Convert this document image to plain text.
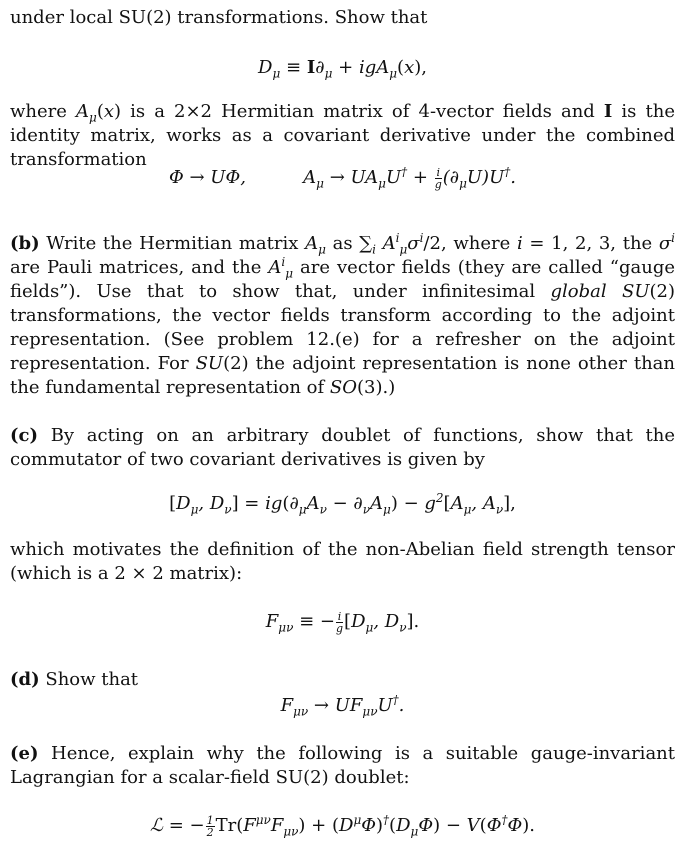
under local SU(2) transformations. Show that
$D_\mu \equiv I\partial_\mu + igA_\mu(x)$,

where $A_\mu(x)$ is a 2×2 Hermitian matrix of 4-vector fields and I is the identity matrix, works as a covariant derivative under the combined transformation

Φ → UΦ,          $A_\mu \to UA_\mu U^\dagger + \frac{i}{g} (\partial_\mu U)U^\dagger$.

(b) Write the Hermitian matrix $A_\mu$ as $\sum_i$ $A^i_\mu\sigma^i/2$, where i = 1, 2, 3, the $\sigma^i$ are Pauli matrices, and the $A^i_\mu$ are vector fields (they are called “gauge fields”). Use that to show that, under infinitesimal global SU(2) transformations, the vector fields transform according to the adjoint representation. (See problem 12.(e) for a refresher on the adjoint representation. For SU(2) the adjoint representation is none other than the fundamental representation of SO(3).)

(c) By acting on an arbitrary doublet of functions, show that the commutator of two covariant derivatives is given by

[$D_\mu$, $D_\nu] = ig(\partial_\mu A_\nu - \partial_\nu A_\mu) - g^2[A_\mu$, $A_\nu$],

which motivates the definition of the non-Abelian field strength tensor (which is a 2 × 2 matrix):

$F_{\mu\nu}$ ≡ − $\frac{i}{g} [D_\mu$, $D_\nu$].

(d) Show that

$F_{\mu\nu} \to UF_{\mu\nu}U^\dagger$.

(e) Hence, explain why the following is a suitable gauge-invariant Lagrangian for a scalar-field SU(2) doublet:

ℒ = − $\frac{1}{2} Tr(F^{\mu\nu}F_{\mu\nu}) + (D^\mu\Phi)^\dagger(D_\mu\Phi) - V(\Phi^\dagger\Phi)$.
